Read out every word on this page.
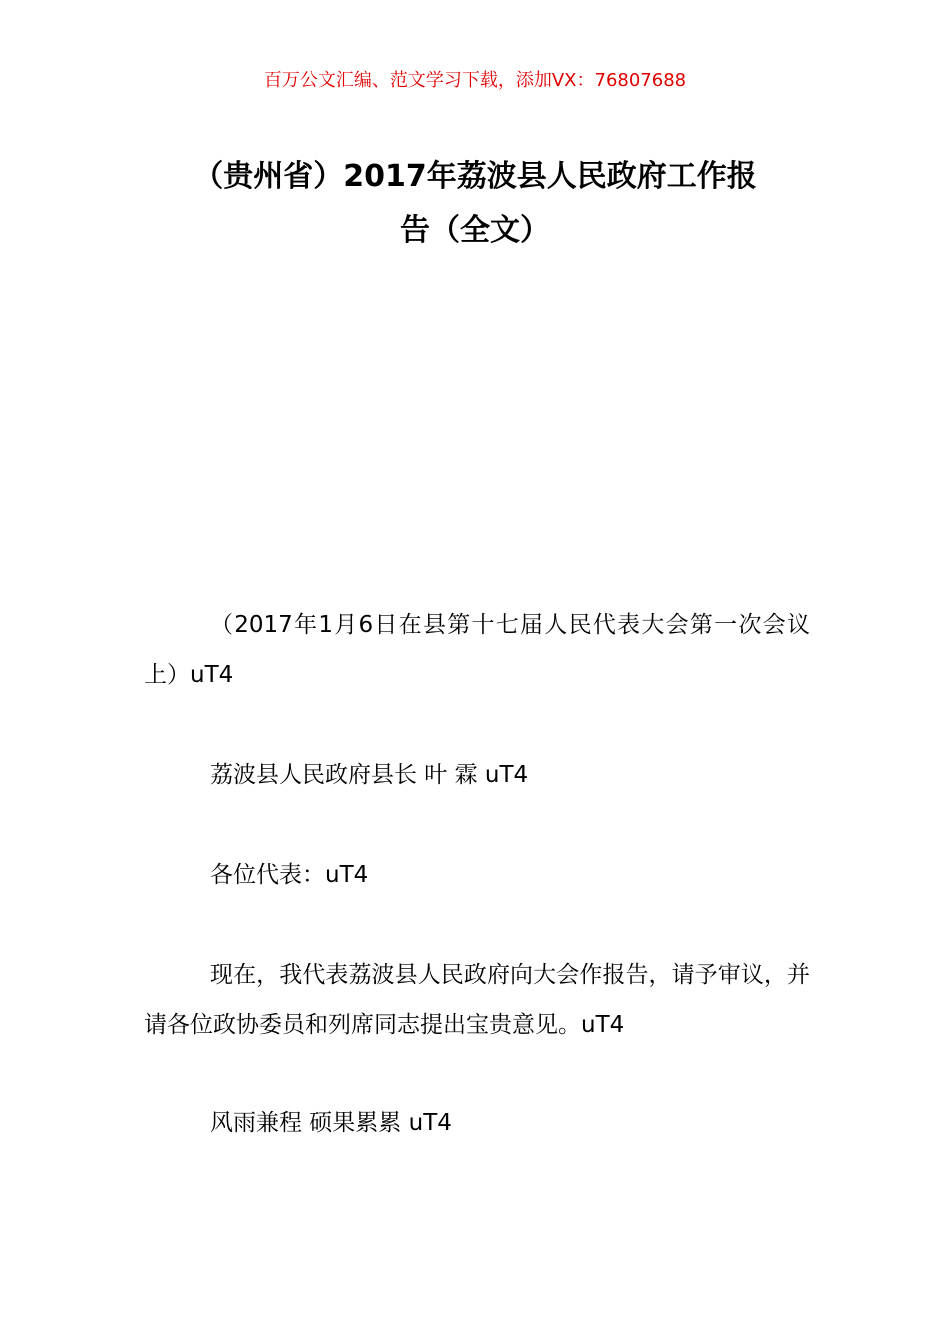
百万公文汇编、范文学习下载，添加VX：76807688
（贵州省）2017年荔波县人民政府工作报
告（全文）

（2017年1月6日在县第十七届人民代表大会第一次会议上）uT4

荔波县人民政府县长 叶 霖 uT4

各位代表：uT4

现在，我代表荔波县人民政府向大会作报告，请予审议，并请各位政协委员和列席同志提出宝贵意见。uT4

风雨兼程 硕果累累 uT4
